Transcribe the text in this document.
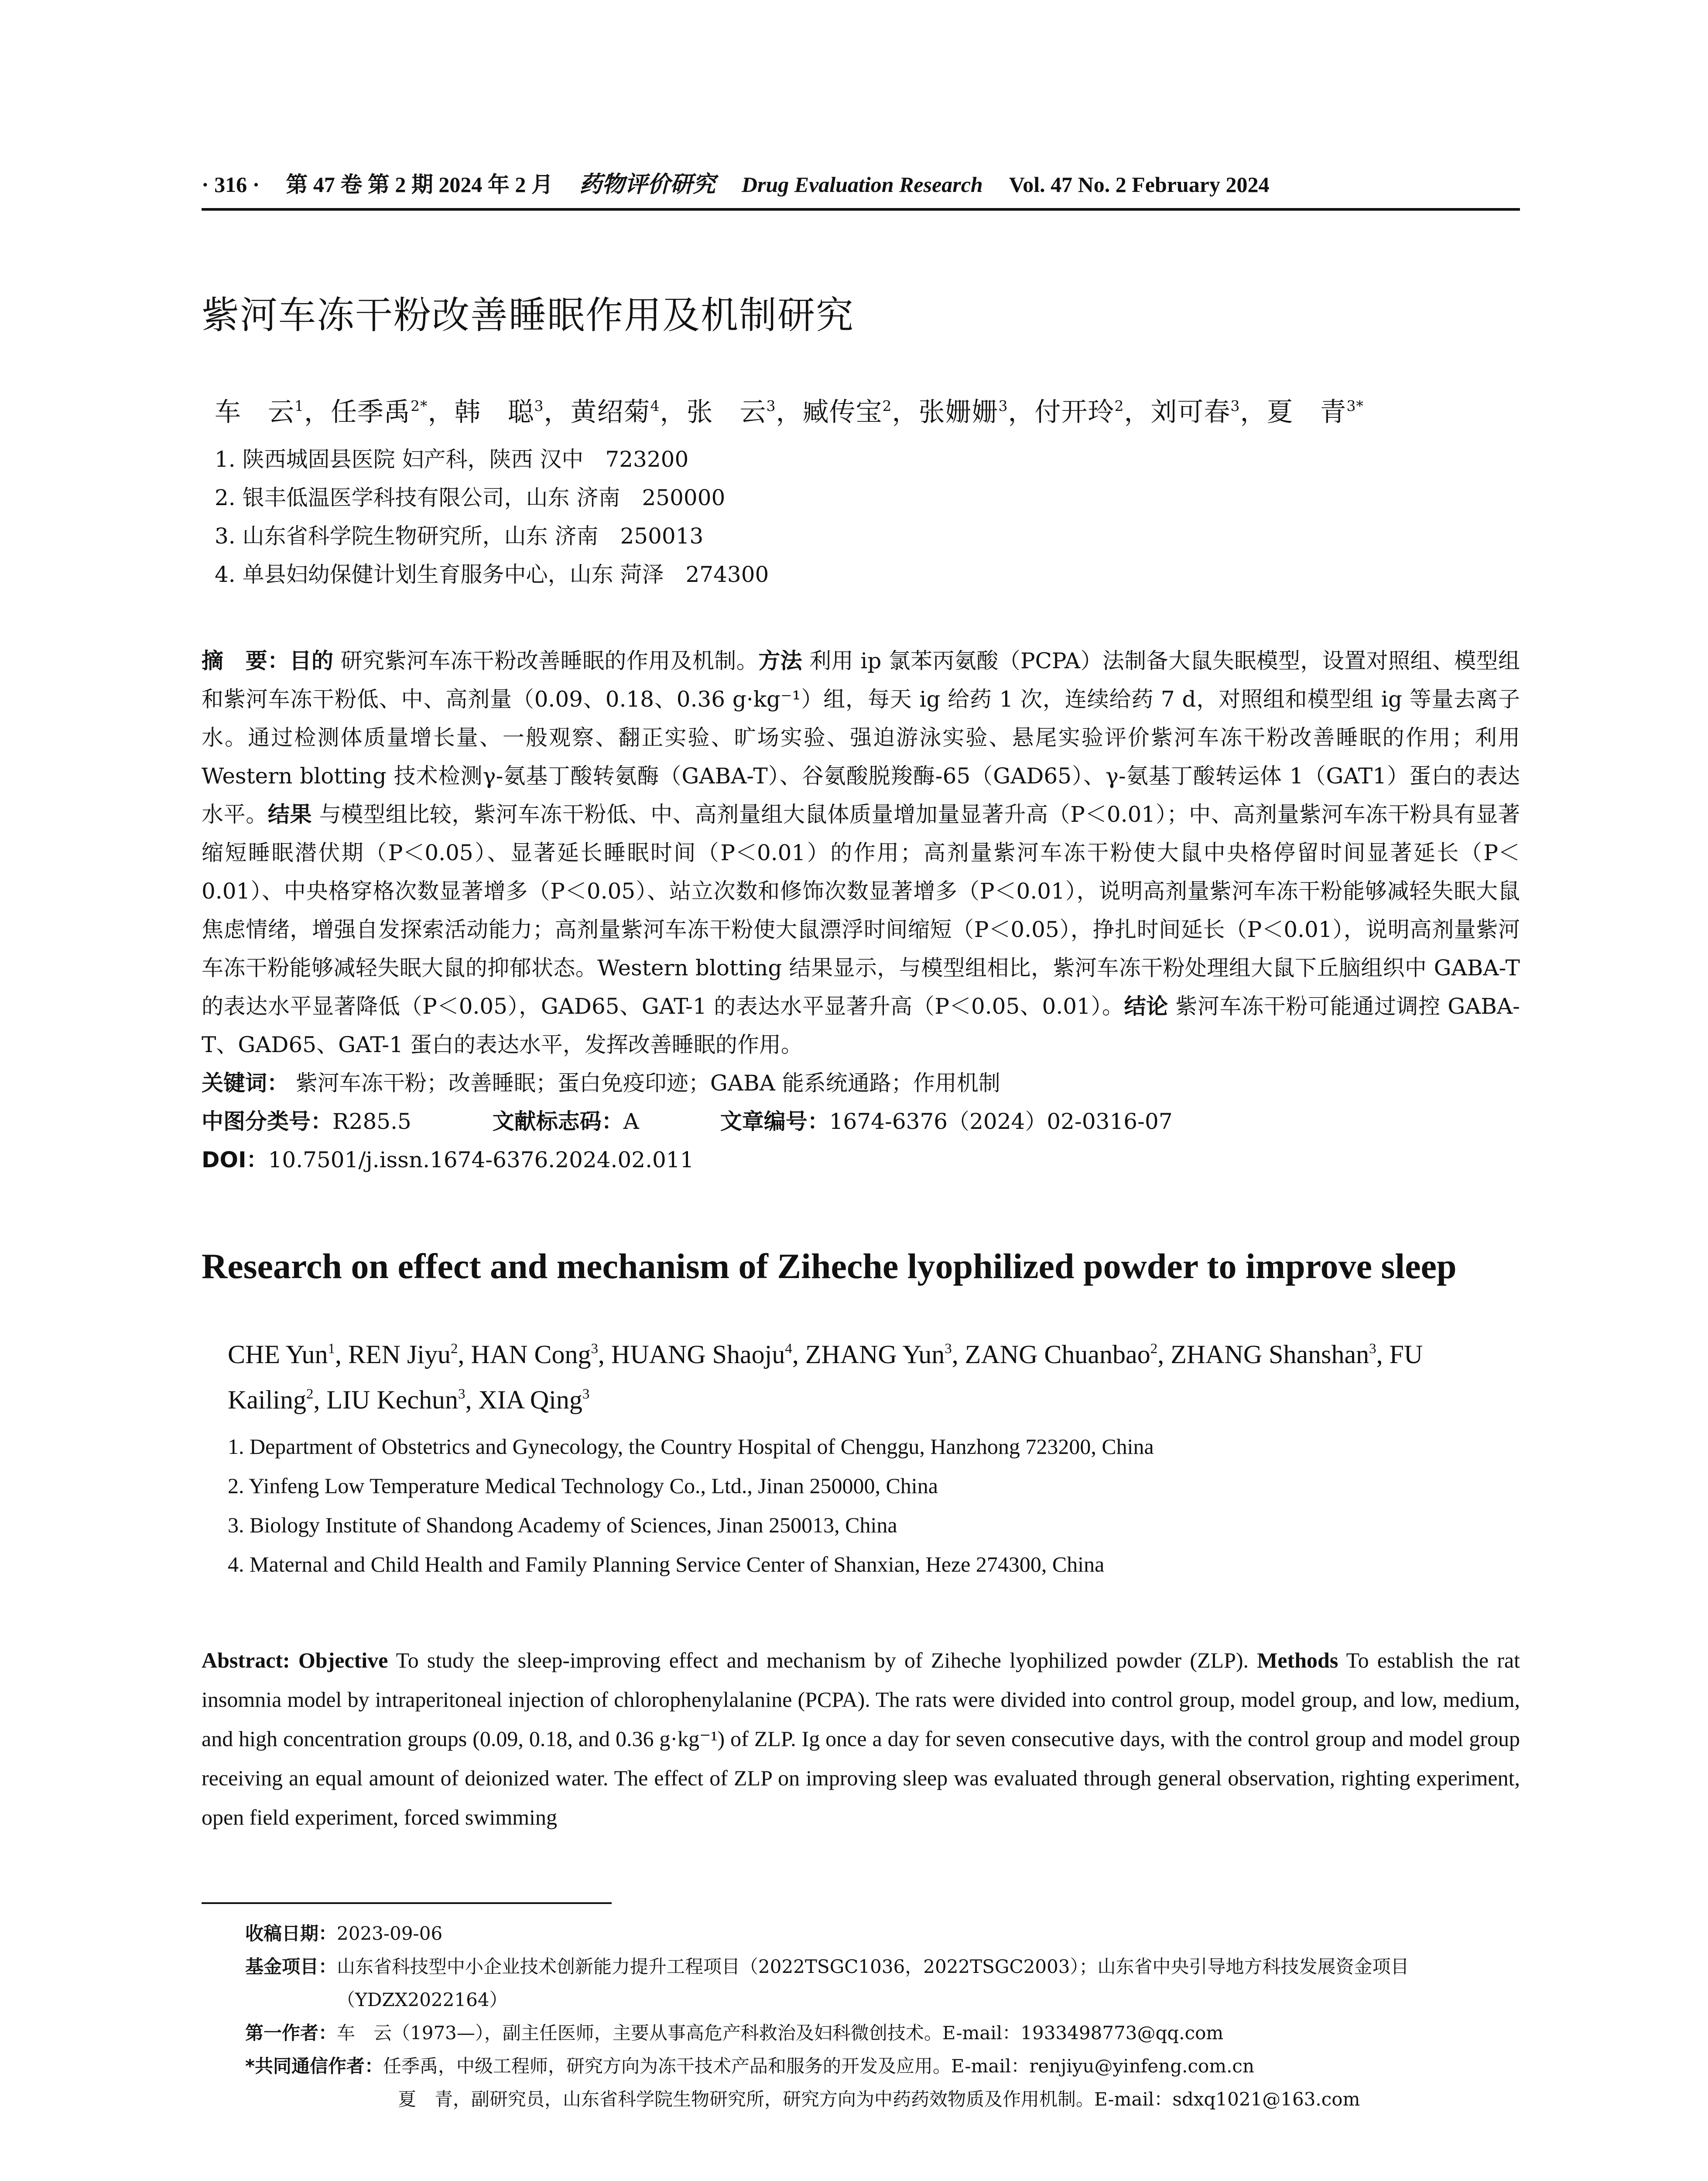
· 316 · 第 47 卷 第 2 期 2024 年 2 月 药物评价研究 Drug Evaluation Research Vol. 47 No. 2 February 2024
紫河车冻干粉改善睡眠作用及机制研究
车　云$^1$，任季禹$^{2*}$，韩　聪$^3$，黄绍菊$^4$，张　云$^3$，臧传宝$^2$，张姗姗$^3$，付开玲$^2$，刘可春$^3$，夏　青$^{3*}$
1. 陕西城固县医院 妇产科，陕西 汉中　723200
2. 银丰低温医学科技有限公司，山东 济南　250000
3. 山东省科学院生物研究所，山东 济南　250013
4. 单县妇幼保健计划生育服务中心，山东 菏泽　274300
摘　要：目的 研究紫河车冻干粉改善睡眠的作用及机制。方法 利用 ip 氯苯丙氨酸（PCPA）法制备大鼠失眠模型，设置对照组、模型组和紫河车冻干粉低、中、高剂量（0.09、0.18、0.36 g·kg⁻¹）组，每天 ig 给药 1 次，连续给药 7 d，对照组和模型组 ig 等量去离子水。通过检测体质量增长量、一般观察、翻正实验、旷场实验、强迫游泳实验、悬尾实验评价紫河车冻干粉改善睡眠的作用；利用 Western blotting 技术检测γ-氨基丁酸转氨酶（GABA-T）、谷氨酸脱羧酶-65（GAD65）、γ-氨基丁酸转运体 1（GAT1）蛋白的表达水平。结果 与模型组比较，紫河车冻干粉低、中、高剂量组大鼠体质量增加量显著升高（P＜0.01）；中、高剂量紫河车冻干粉具有显著缩短睡眠潜伏期（P＜0.05）、显著延长睡眠时间（P＜0.01）的作用；高剂量紫河车冻干粉使大鼠中央格停留时间显著延长（P＜0.01）、中央格穿格次数显著增多（P＜0.05）、站立次数和修饰次数显著增多（P＜0.01），说明高剂量紫河车冻干粉能够减轻失眠大鼠焦虑情绪，增强自发探索活动能力；高剂量紫河车冻干粉使大鼠漂浮时间缩短（P＜0.05），挣扎时间延长（P＜0.01），说明高剂量紫河车冻干粉能够减轻失眠大鼠的抑郁状态。Western blotting 结果显示，与模型组相比，紫河车冻干粉处理组大鼠下丘脑组织中 GABA-T 的表达水平显著降低（P＜0.05），GAD65、GAT-1 的表达水平显著升高（P＜0.05、0.01）。结论 紫河车冻干粉可能通过调控 GABA-T、GAD65、GAT-1 蛋白的表达水平，发挥改善睡眠的作用。
关键词： 紫河车冻干粉；改善睡眠；蛋白免疫印迹；GABA 能系统通路；作用机制
中图分类号：R285.5	文献标志码：A	文章编号：1674-6376（2024）02-0316-07
DOI：10.7501/j.issn.1674-6376.2024.02.011
Research on effect and mechanism of Ziheche lyophilized powder to improve sleep
CHE Yun$^1$, REN Jiyu$^2$, HAN Cong$^3$, HUANG Shaoju$^4$, ZHANG Yun$^3$, ZANG Chuanbao$^2$, ZHANG Shanshan$^3$, FU Kailing$^2$, LIU Kechun$^3$, XIA Qing$^3$
1. Department of Obstetrics and Gynecology, the Country Hospital of Chenggu, Hanzhong 723200, China
2. Yinfeng Low Temperature Medical Technology Co., Ltd., Jinan 250000, China
3. Biology Institute of Shandong Academy of Sciences, Jinan 250013, China
4. Maternal and Child Health and Family Planning Service Center of Shanxian, Heze 274300, China
Abstract: Objective To study the sleep-improving effect and mechanism by of Ziheche lyophilized powder (ZLP). Methods To establish the rat insomnia model by intraperitoneal injection of chlorophenylalanine (PCPA). The rats were divided into control group, model group, and low, medium, and high concentration groups (0.09, 0.18, and 0.36 g·kg⁻¹) of ZLP. Ig once a day for seven consecutive days, with the control group and model group receiving an equal amount of deionized water. The effect of ZLP on improving sleep was evaluated through general observation, righting experiment, open field experiment, forced swimming
收稿日期： 2023-09-06
基金项目： 山东省科技型中小企业技术创新能力提升工程项目（2022TSGC1036，2022TSGC2003）；山东省中央引导地方科技发展资金项目（YDZX2022164）
第一作者： 车　云（1973—），副主任医师，主要从事高危产科救治及妇科微创技术。E-mail：1933498773@qq.com
*共同通信作者： 任季禹，中级工程师，研究方向为冻干技术产品和服务的开发及应用。E-mail：renjiyu@yinfeng.com.cn
夏　青，副研究员，山东省科学院生物研究所，研究方向为中药药效物质及作用机制。E-mail：sdxq1021@163.com
